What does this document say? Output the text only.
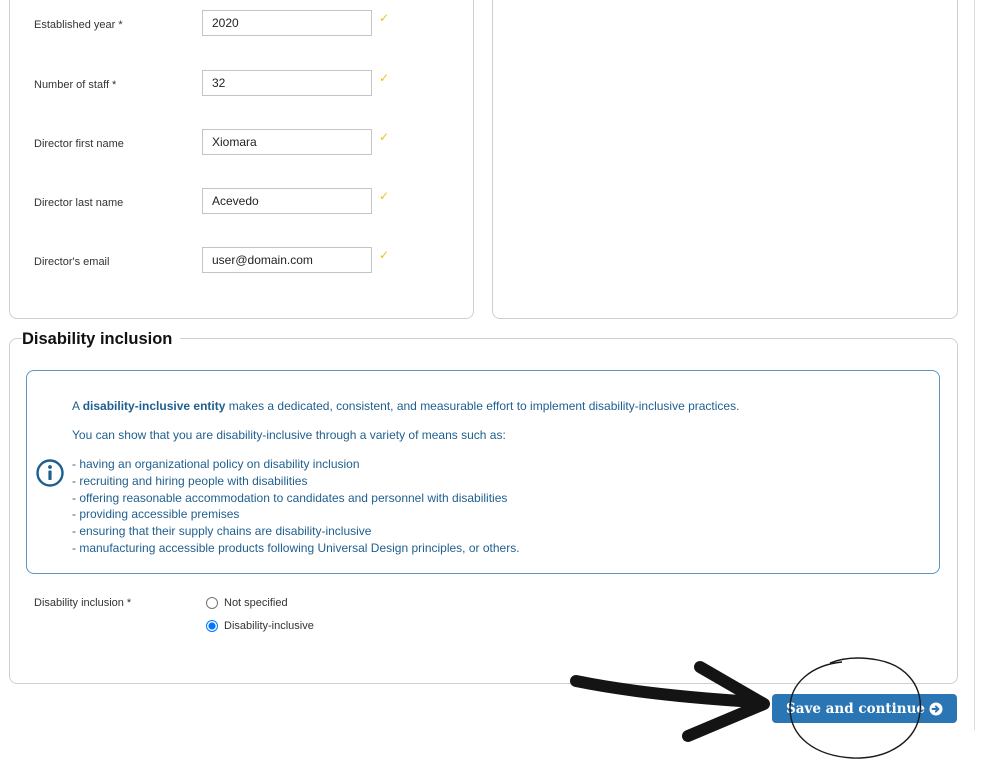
Established year *
2020	✓
Number of staff *
32	✓
Director first name
Xiomara	✓
Director last name
Acevedo	✓
Director's email
user@domain.com	✓
Disability inclusion

A disability-inclusive entity makes a dedicated, consistent, and measurable effort to implement disability-inclusive practices.

You can show that you are disability-inclusive through a variety of means such as:

- having an organizational policy on disability inclusion
- recruiting and hiring people with disabilities
- offering reasonable accommodation to candidates and personnel with disabilities
- providing accessible premises
- ensuring that their supply chains are disability-inclusive
- manufacturing accessible products following Universal Design principles, or others.
Disability inclusion *	Not specified
Disability-inclusive
Save and continue
